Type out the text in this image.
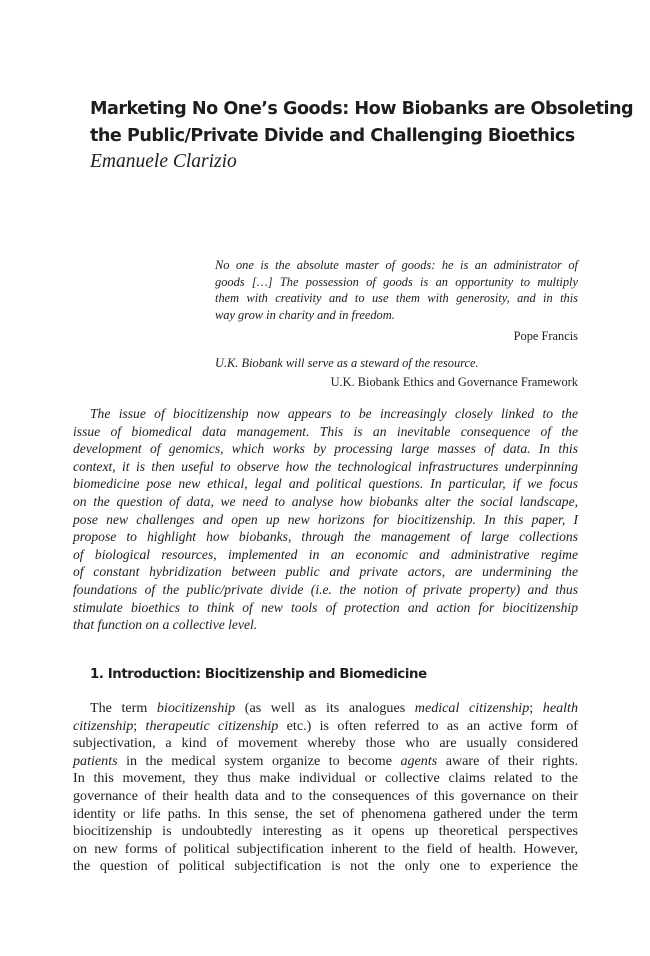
Marketing No One’s Goods: How Biobanks are Obsoleting
the Public/Private Divide and Challenging Bioethics
Emanuele Clarizio
No one is the absolute master of goods: he is an administrator of
goods […] The possession of goods is an opportunity to multiply
them with creativity and to use them with generosity, and in this
way grow in charity and in freedom.
Pope Francis
U.K. Biobank will serve as a steward of the resource.
U.K. Biobank Ethics and Governance Framework

The issue of biocitizenship now appears to be increasingly closely linked to the
issue of biomedical data management. This is an inevitable consequence of the
development of genomics, which works by processing large masses of data. In this
context, it is then useful to observe how the technological infrastructures underpinning
biomedicine pose new ethical, legal and political questions. In particular, if we focus
on the question of data, we need to analyse how biobanks alter the social landscape,
pose new challenges and open up new horizons for biocitizenship. In this paper, I
propose to highlight how biobanks, through the management of large collections
of biological resources, implemented in an economic and administrative regime
of constant hybridization between public and private actors, are undermining the
foundations of the public/private divide (i.e. the notion of private property) and thus
stimulate bioethics to think of new tools of protection and action for biocitizenship
that function on a collective level.

1. Introduction: Biocitizenship and Biomedicine

The term biocitizenship (as well as its analogues medical citizenship; health
citizenship; therapeutic citizenship etc.) is often referred to as an active form of
subjectivation, a kind of movement whereby those who are usually considered
patients in the medical system organize to become agents aware of their rights.
In this movement, they thus make individual or collective claims related to the
governance of their health data and to the consequences of this governance on their
identity or life paths. In this sense, the set of phenomena gathered under the term
biocitizenship is undoubtedly interesting as it opens up theoretical perspectives
on new forms of political subjectification inherent to the field of health. However,
the question of political subjectification is not the only one to experience the
